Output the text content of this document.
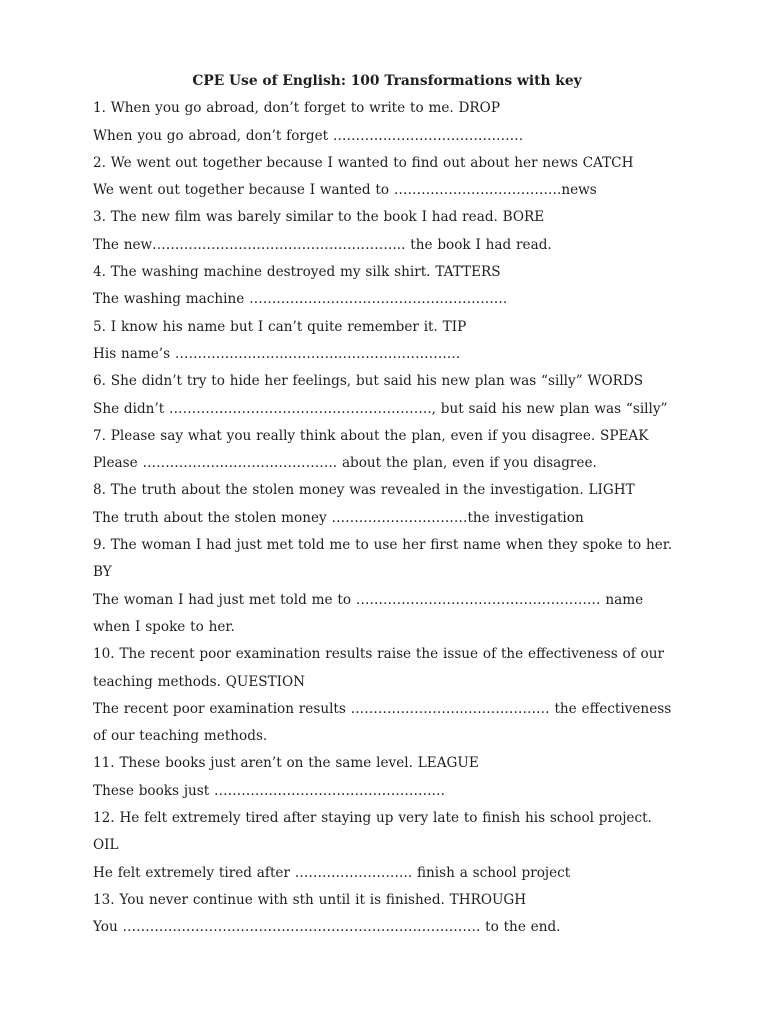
CPE Use of English: 100 Transformations with key

1. When you go abroad, don’t forget to write to me. DROP

When you go abroad, don’t forget ……………………………………

2. We went out together because I wanted to find out about her news CATCH

We went out together because I wanted to ……………………………….news

3. The new film was barely similar to the book I had read. BORE

The new……………………………………………….. the book I had read.

4. The washing machine destroyed my silk shirt. TATTERS

The washing machine …………………………………………………

5. I know his name but I can’t quite remember it. TIP

His name’s ………………………………………………………

6. She didn’t try to hide her feelings, but said his new plan was “silly” WORDS

She didn’t …………………………………………………., but said his new plan was “silly”

7. Please say what you really think about the plan, even if you disagree. SPEAK

Please ……………………………………. about the plan, even if you disagree.

8. The truth about the stolen money was revealed in the investigation. LIGHT

The truth about the stolen money …………………………the investigation

9. The woman I had just met told me to use her first name when they spoke to her. BY

The woman I had just met told me to ……………………………………………… name when I spoke to her.

10. The recent poor examination results raise the issue of the effectiveness of our teaching methods. QUESTION

The recent poor examination results ……………………..……………… the effectiveness of our teaching methods.

11. These books just aren’t on the same level. LEAGUE

These books just ……………………………………………

12. He felt extremely tired after staying up very late to finish his school project. OIL

He felt extremely tired after …………………….. finish a school project

13. You never continue with sth until it is finished. THROUGH

You ……………………………………………………………………. to the end.
